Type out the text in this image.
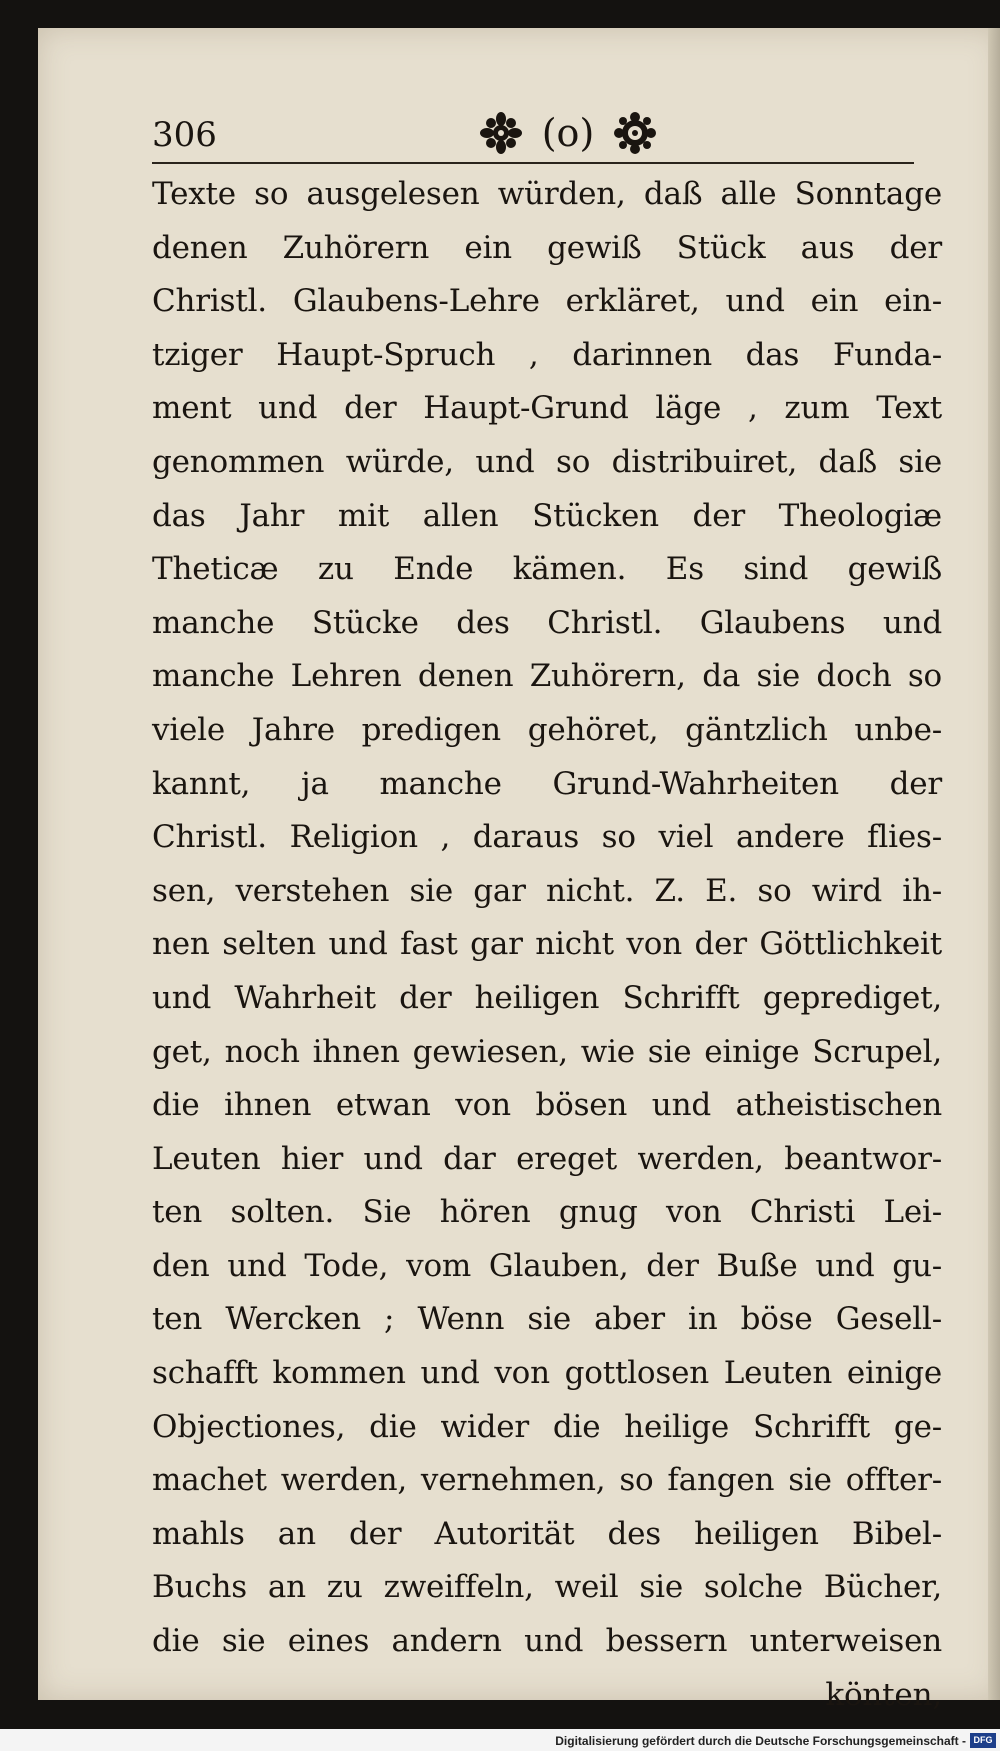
306	(o)
Texte so ausgelesen würden, daß alle Sonntage
denen Zuhörern ein gewiß Stück aus der
Christl. Glaubens-Lehre erkläret, und ein ein-
tziger Haupt-Spruch , darinnen das Funda-
ment und der Haupt-Grund läge , zum Text
genommen würde, und so distribuiret, daß sie
das Jahr mit allen Stücken der Theologiæ
Theticæ zu Ende kämen. Es sind gewiß
manche Stücke des Christl. Glaubens und
manche Lehren denen Zuhörern, da sie doch so
viele Jahre predigen gehöret, gäntzlich unbe-
kannt, ja manche Grund-Wahrheiten der
Christl. Religion , daraus so viel andere flies-
sen, verstehen sie gar nicht. Z. E. so wird ih-
nen selten und fast gar nicht von der Göttlichkeit
und Wahrheit der heiligen Schrifft geprediget,
get, noch ihnen gewiesen, wie sie einige Scrupel,
die ihnen etwan von bösen und atheistischen
Leuten hier und dar ereget werden, beantwor-
ten solten. Sie hören gnug von Christi Lei-
den und Tode, vom Glauben, der Buße und gu-
ten Wercken ; Wenn sie aber in böse Gesell-
schafft kommen und von gottlosen Leuten einige
Objectiones, die wider die heilige Schrifft ge-
machet werden, vernehmen, so fangen sie offter-
mahls an der Autorität des heiligen Bibel-
Buchs an zu zweiffeln, weil sie solche Bücher,
die sie eines andern und bessern unterweisen
könten,
Digitalisierung gefördert durch die Deutsche Forschungsgemeinschaft - DFG
